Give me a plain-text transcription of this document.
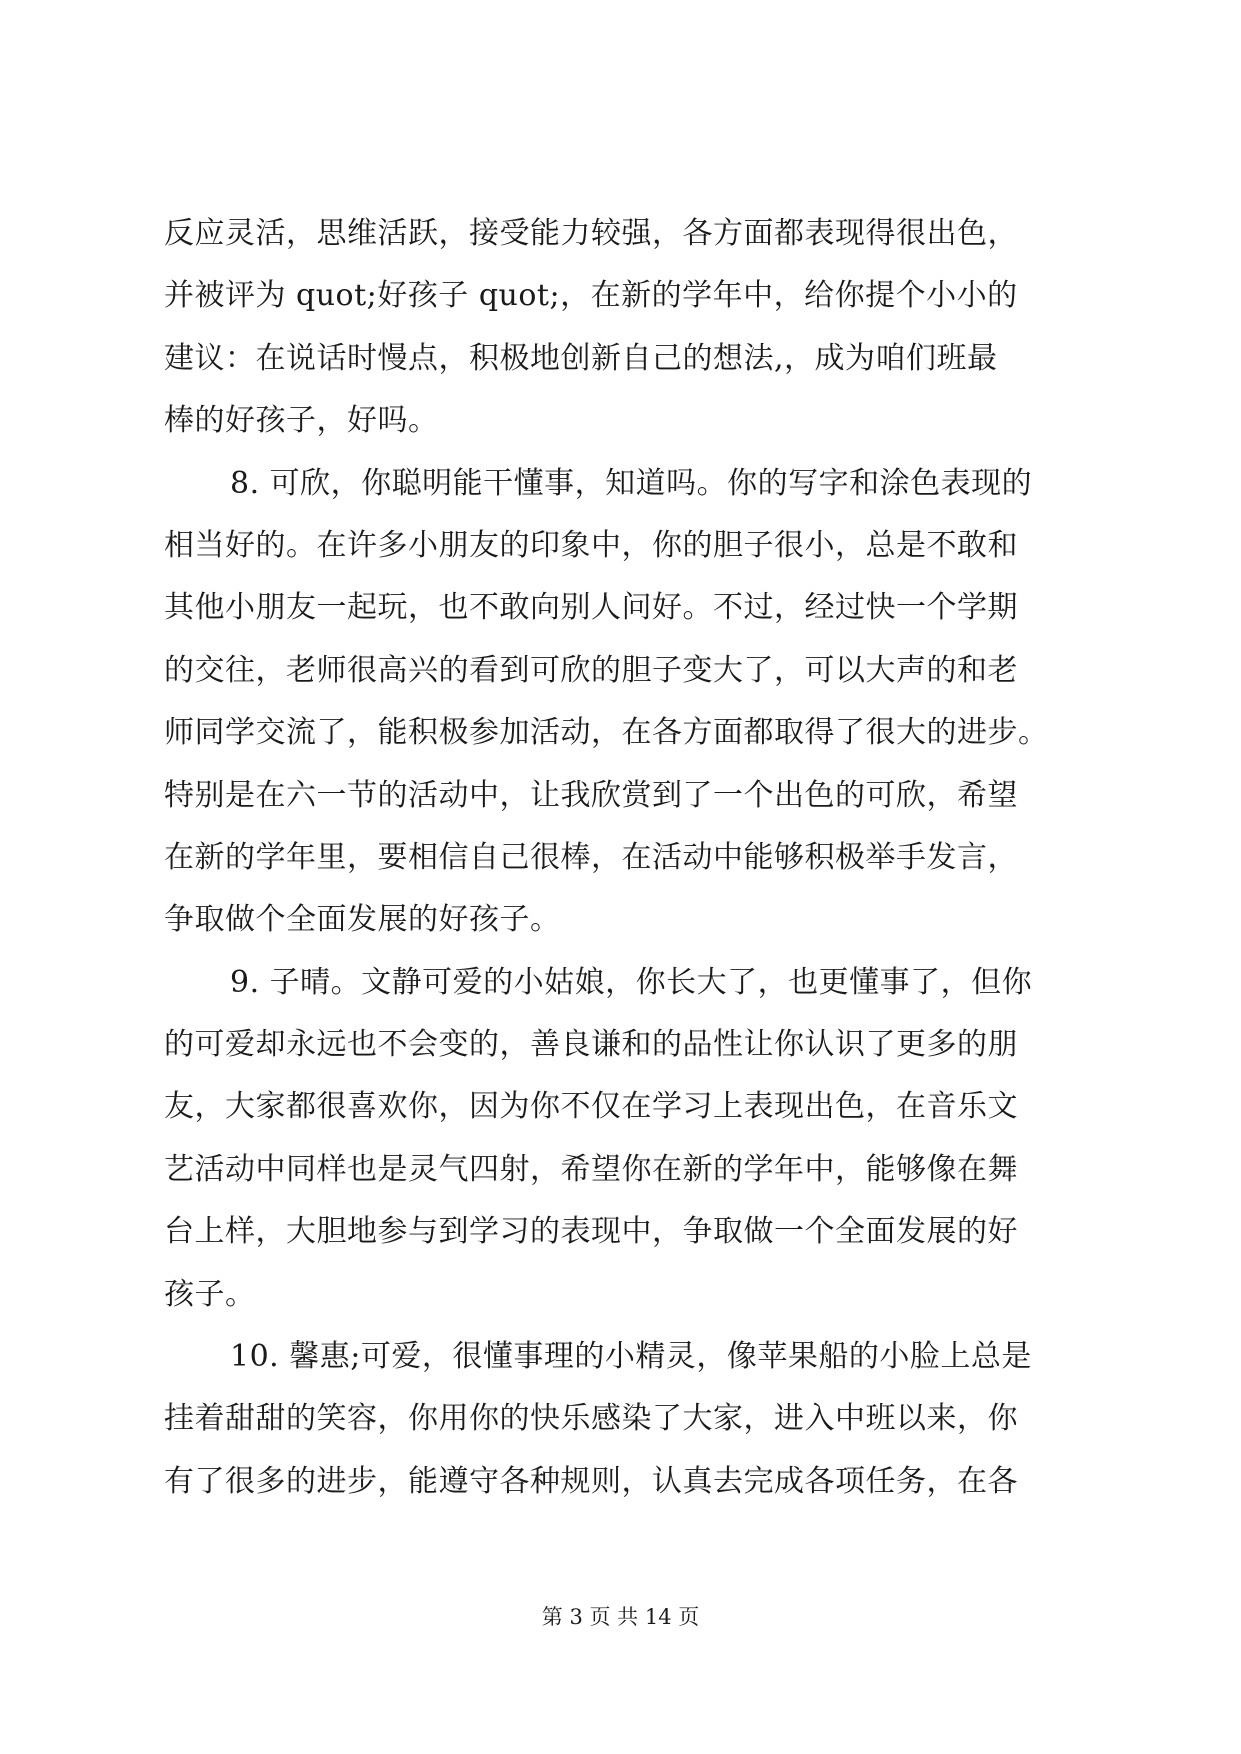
反应灵活，思维活跃，接受能力较强，各方面都表现得很出色，
并被评为 quot;好孩子 quot;，在新的学年中，给你提个小小的
建议：在说话时慢点，积极地创新自己的想法,，成为咱们班最
棒的好孩子，好吗。
8. 可欣，你聪明能干懂事，知道吗。你的写字和涂色表现的
相当好的。在许多小朋友的印象中，你的胆子很小，总是不敢和
其他小朋友一起玩，也不敢向别人问好。不过，经过快一个学期
的交往，老师很高兴的看到可欣的胆子变大了，可以大声的和老
师同学交流了，能积极参加活动，在各方面都取得了很大的进步。
特别是在六一节的活动中，让我欣赏到了一个出色的可欣，希望
在新的学年里，要相信自己很棒，在活动中能够积极举手发言，
争取做个全面发展的好孩子。
9. 子晴。文静可爱的小姑娘，你长大了，也更懂事了，但你
的可爱却永远也不会变的，善良谦和的品性让你认识了更多的朋
友，大家都很喜欢你，因为你不仅在学习上表现出色，在音乐文
艺活动中同样也是灵气四射，希望你在新的学年中，能够像在舞
台上样，大胆地参与到学习的表现中，争取做一个全面发展的好
孩子。
10. 馨惠;可爱，很懂事理的小精灵，像苹果船的小脸上总是
挂着甜甜的笑容，你用你的快乐感染了大家，进入中班以来，你
有了很多的进步，能遵守各种规则，认真去完成各项任务，在各
第 3 页 共 14 页
